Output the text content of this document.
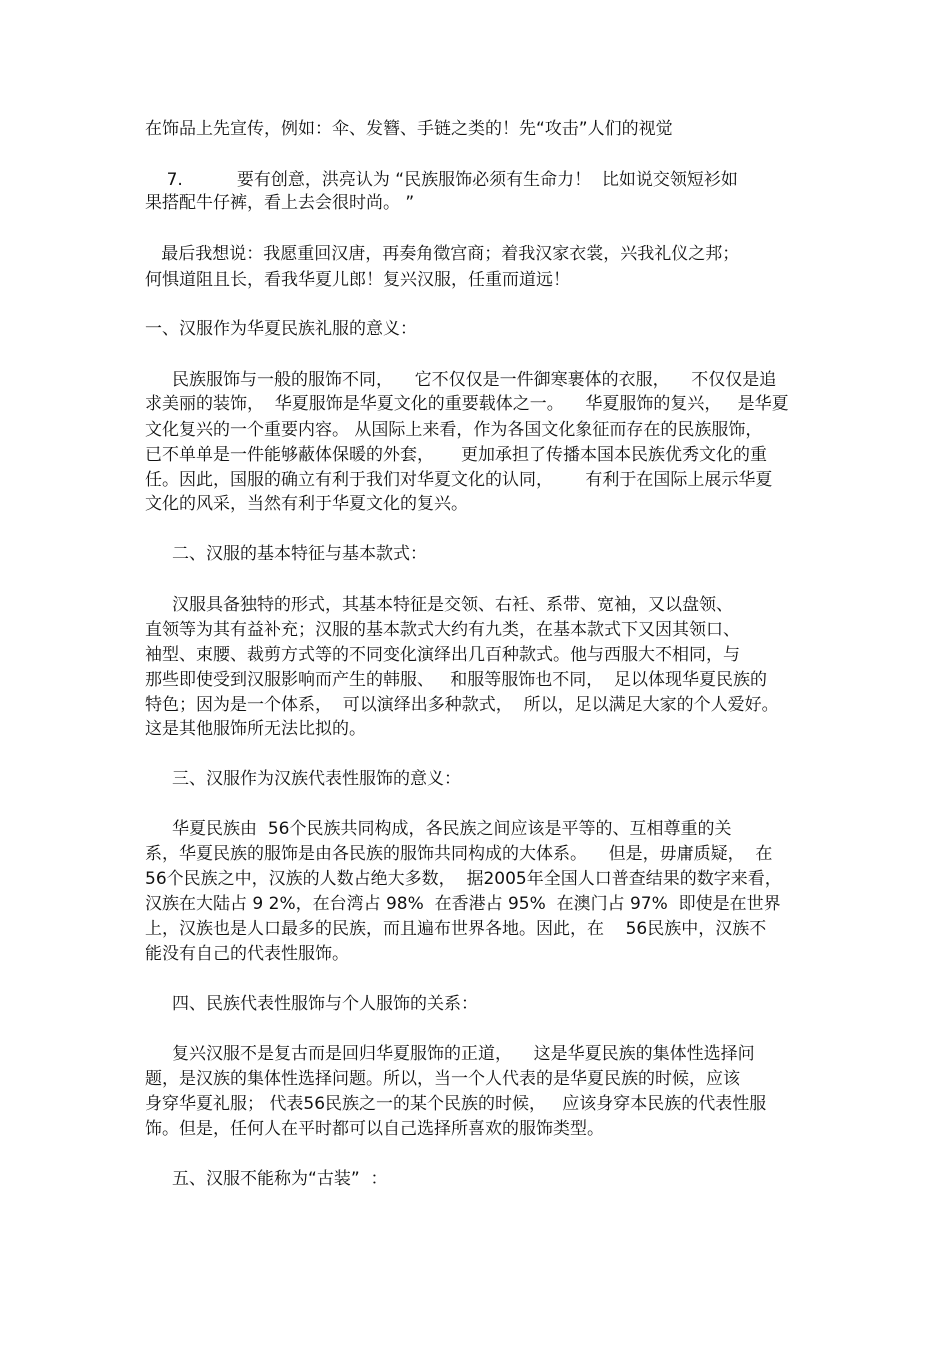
在饰品上先宣传，例如：伞、发簪、手链之类的！先“攻击”人们的视觉
7.          要有创意，洪亮认为 “民族服饰必须有生命力！  比如说交领短衫如
果搭配牛仔裤，看上去会很时尚。 ”
最后我想说：我愿重回汉唐，再奏角徵宫商；着我汉家衣裳，兴我礼仪之邦；
何惧道阻且长，看我华夏儿郎！复兴汉服，任重而道远！
一、汉服作为华夏民族礼服的意义：
民族服饰与一般的服饰不同，    它不仅仅是一件御寒裹体的衣服，    不仅仅是追
求美丽的装饰，  华夏服饰是华夏文化的重要载体之一。    华夏服饰的复兴，   是华夏
文化复兴的一个重要内容。 从国际上来看，作为各国文化象征而存在的民族服饰，
已不单单是一件能够蔽体保暖的外套，     更加承担了传播本国本民族优秀文化的重
任。因此，国服的确立有利于我们对华夏文化的认同，      有利于在国际上展示华夏
文化的风采，当然有利于华夏文化的复兴。
二、汉服的基本特征与基本款式：
汉服具备独特的形式，其基本特征是交领、右衽、系带、宽袖，又以盘领、
直领等为其有益补充；汉服的基本款式大约有九类，在基本款式下又因其领口、
袖型、束腰、裁剪方式等的不同变化演绎出几百种款式。他与西服大不相同，与
那些即使受到汉服影响而产生的韩服、   和服等服饰也不同，  足以体现华夏民族的
特色；因为是一个体系，  可以演绎出多种款式，  所以，足以满足大家的个人爱好。
这是其他服饰所无法比拟的。
三、汉服作为汉族代表性服饰的意义：
华夏民族由  56个民族共同构成，各民族之间应该是平等的、互相尊重的关
系，华夏民族的服饰是由各民族的服饰共同构成的大体系。    但是，毋庸质疑，  在
56个民族之中，汉族的人数占绝大多数，  据2005年全国人口普查结果的数字来看，
汉族在大陆占 9 2%，在台湾占 98%  在香港占 95%  在澳门占 97%  即使是在世界
上，汉族也是人口最多的民族，而且遍布世界各地。因此，在    56民族中，汉族不
能没有自己的代表性服饰。
四、民族代表性服饰与个人服饰的关系：
复兴汉服不是复古而是回归华夏服饰的正道，    这是华夏民族的集体性选择问
题，是汉族的集体性选择问题。所以，当一个人代表的是华夏民族的时候，应该
身穿华夏礼服； 代表56民族之一的某个民族的时候，   应该身穿本民族的代表性服
饰。但是，任何人在平时都可以自己选择所喜欢的服饰类型。
五、汉服不能称为“古装”  ：
